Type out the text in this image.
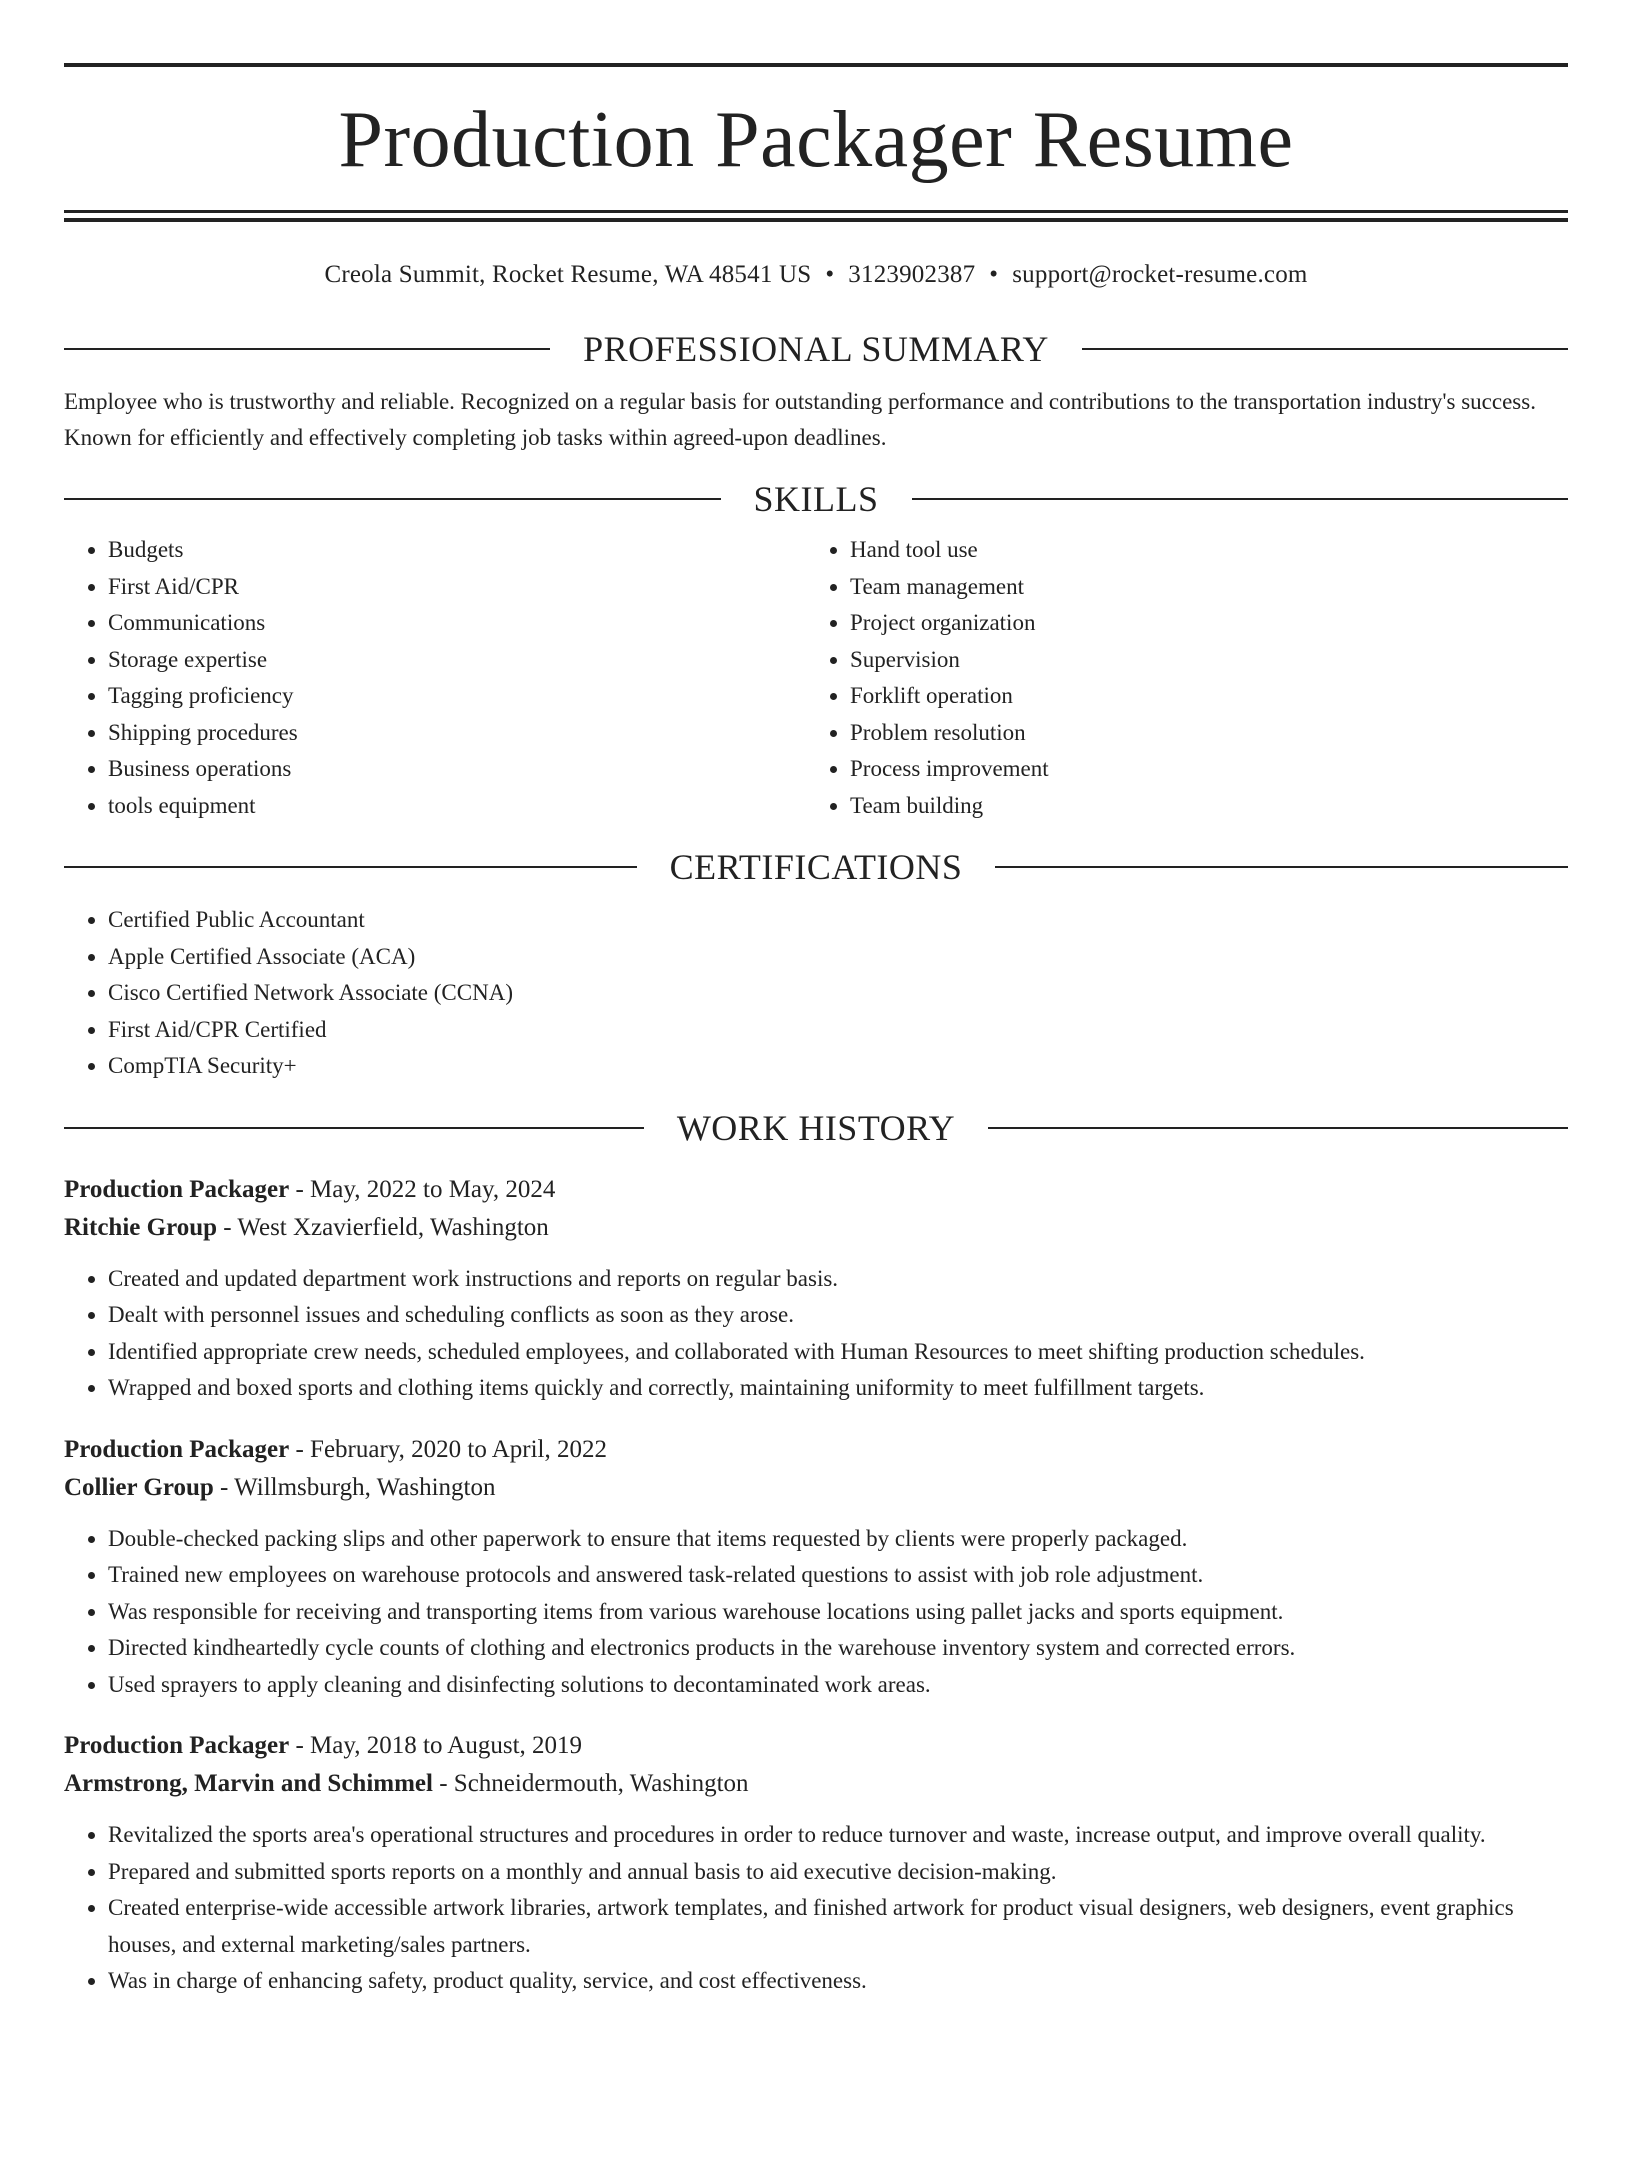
Production Packager Resume
Creola Summit, Rocket Resume, WA 48541 US • 3123902387 • support@rocket-resume.com
PROFESSIONAL SUMMARY

Employee who is trustworthy and reliable. Recognized on a regular basis for outstanding performance and contributions to the transportation industry's success. Known for efficiently and effectively completing job tasks within agreed-upon deadlines.

SKILLS
• Budgets
• First Aid/CPR
• Communications
• Storage expertise
• Tagging proficiency
• Shipping procedures
• Business operations
• tools equipment
• Hand tool use
• Team management
• Project organization
• Supervision
• Forklift operation
• Problem resolution
• Process improvement
• Team building
CERTIFICATIONS
• Certified Public Accountant
• Apple Certified Associate (ACA)
• Cisco Certified Network Associate (CCNA)
• First Aid/CPR Certified
• CompTIA Security+
WORK HISTORY
Production Packager - May, 2022 to May, 2024
Ritchie Group - West Xzavierfield, Washington
• Created and updated department work instructions and reports on regular basis.
• Dealt with personnel issues and scheduling conflicts as soon as they arose.
• Identified appropriate crew needs, scheduled employees, and collaborated with Human Resources to meet shifting production schedules.
• Wrapped and boxed sports and clothing items quickly and correctly, maintaining uniformity to meet fulfillment targets.
Production Packager - February, 2020 to April, 2022
Collier Group - Willmsburgh, Washington
• Double-checked packing slips and other paperwork to ensure that items requested by clients were properly packaged.
• Trained new employees on warehouse protocols and answered task-related questions to assist with job role adjustment.
• Was responsible for receiving and transporting items from various warehouse locations using pallet jacks and sports equipment.
• Directed kindheartedly cycle counts of clothing and electronics products in the warehouse inventory system and corrected errors.
• Used sprayers to apply cleaning and disinfecting solutions to decontaminated work areas.
Production Packager - May, 2018 to August, 2019
Armstrong, Marvin and Schimmel - Schneidermouth, Washington
• Revitalized the sports area's operational structures and procedures in order to reduce turnover and waste, increase output, and improve overall quality.
• Prepared and submitted sports reports on a monthly and annual basis to aid executive decision-making.
• Created enterprise-wide accessible artwork libraries, artwork templates, and finished artwork for product visual designers, web designers, event graphics houses, and external marketing/sales partners.
• Was in charge of enhancing safety, product quality, service, and cost effectiveness.
